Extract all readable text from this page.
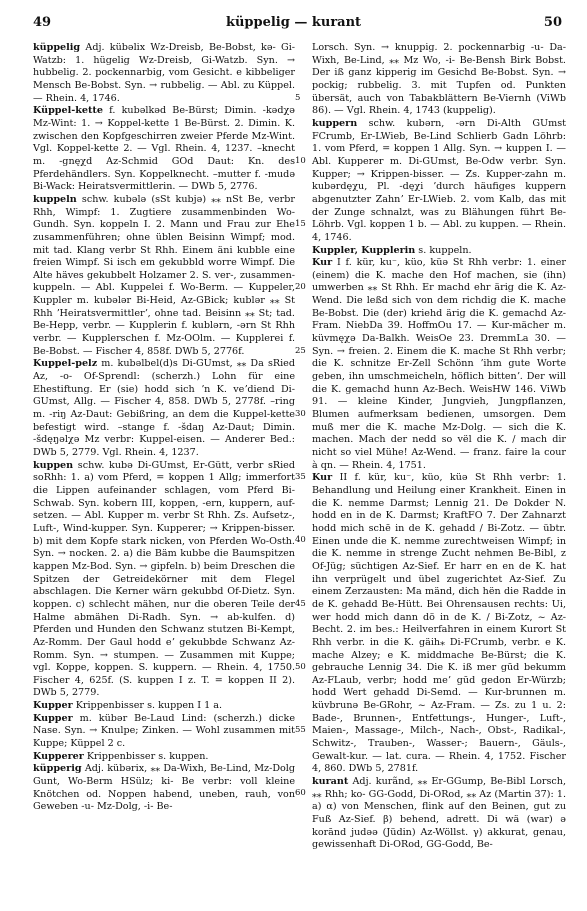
49	küppelig — kurant	50

küppelig Adj. kübəlix Wz-Dreisb, Be-Bobst, kə- Gi-Watzb: 1. hügelig Wz-Dreisb, Gi-Watzb. Syn. → hubbelig. 2. pockennarbig, vom Gesicht. e kibbeliger Mensch Be-Bobst. Syn. → rubbelig. — Abl. zu Küppel. — Rhein. 4, 1746.

Küppel-kette f. kubəlkəd Be-Bürst; Dimin. -kədχə Mz-Wint: 1. → Koppel-kette 1 Be-Bürst. 2. Dimin. K. zwischen den Kopfgeschirren zweier Pferde Mz-Wint. Vgl. Koppel-kette 2. — Vgl. Rhein. 4, 1237. –knecht m. -gnęχd Az-Schmid GOd Daut: Kn. des Pferdehändlers. Syn. Koppelknecht. –mutter f. -mudə Bi-Wack: Heiratsvermittlerin. — DWb 5, 2776.

kuppeln schw. kubələ (sSt kubjə) ⁎⁎ nSt Be, verbr Rhh, Wimpf: 1. Zugtiere zusammenbinden Wo-Gundh. Syn. koppeln I. 2. Mann und Frau zur Ehe zusammenführen; ohne üblen Beisinn Wimpf; mod. mit tad. Klang verbr St Rhh. Einem äni kubble eine freien Wimpf. Si isch em gekubbld worre Wimpf. Die Alte häves gekubbelt Holzamer 2. S. ver-, zusammen-kuppeln. — Abl. Kuppelei f. Wo-Berm. — Kuppeler, Kuppler m. kubələr Bi-Heid, Az-GBick; kublər ⁎⁎ St Rhh ʼHeiratsvermittlerʼ, ohne tad. Beisinn ⁎⁎ St; tad. Be-Hepp, verbr. — Kupplerin f. kublərn, -ərn St Rhh verbr. — Kupplerschen f. Mz-OOlm. — Kupplerei f. Be-Bobst. — Fischer 4, 858f. DWb 5, 2776f.

Kuppel-pelz m. kubəlbel(d)s Di-GUmst, ⁎⁎ Da sRied Az, -o- Of-Sprendl: (scherzh.) Lohn für eine Ehestiftung. Er (sie) hodd sich ʼn K. veʼdiend Di-GUmst, Allg. — Fischer 4, 858. DWb 5, 2778f. –ring m. -riŋ Az-Daut: Gebißring, an dem die Kuppel-kette befestigt wird. –stange f. -šdaŋ Az-Daut; Dimin. -šdęŋəlχə Mz verbr: Kuppel-eisen. — Anderer Bed.: DWb 5, 2779. Vgl. Rhein. 4, 1237.

kuppen schw. kubə Di-GUmst, Er-Gütt, verbr sRied soRhh: 1. a) vom Pferd, = koppen 1 Allg; immerfort die Lippen aufeinander schlagen, vom Pferd Bi-Schwab. Syn. kobern III, koppen, -ern, kuppern, auf-setzen. — Abl. Kupper m. verbr St Rhh. Zs. Aufsetz-, Luft-, Wind-kupper. Syn. Kupperer; → Krippen-bisser. b) mit dem Kopfe stark nicken, von Pferden Wo-Osth. Syn. → nocken. 2. a) die Bäm kubbe die Baumspitzen kappen Mz-Bod. Syn. → gipfeln. b) beim Dreschen die Spitzen der Getreidekörner mit dem Flegel abschlagen. Die Kerner wärn gekubbd Of-Dietz. Syn. koppen. c) schlecht mähen, nur die oberen Teile der Halme abmähen Di-Radh. Syn. → ab-kulfen. d) Pferden und Hunden den Schwanz stutzen Bi-Kempt, Az-Romm. Der Gaul hodd eʼ gekubbde Schwanz Az-Romm. Syn. → stumpen. — Zusammen mit Kuppe; vgl. Koppe, koppen. S. kuppern. — Rhein. 4, 1750. Fischer 4, 625f. (S. kuppen I z. T. = koppen II 2). DWb 5, 2779.

Kupper Krippenbisser s. kuppen I 1 a.

Kupper m. kübər Be-Laud Lind: (scherzh.) dicke Nase. Syn. → Knulpe; Zinken. — Wohl zusammen mit Kuppe; Küppel 2 c.

Kupperer Krippenbisser s. kuppen.

küpperig Adj. kübərix, ⁎⁎ Da-Wixh, Be-Lind, Mz-Dolg Gunt, Wo-Berm HSülz; ki- Be verbr: voll kleine Knötchen od. Noppen habend, uneben, rauh, von Geweben -u- Mz-Dolg, -i- Be-

5
10
15
20
25
30
35
40
45
50
55
60

Lorsch. Syn. → knuppig. 2. pockennarbig -u- Da-Wixh, Be-Lind, ⁎⁎ Mz Wo, -i- Be-Bensh Birk Bobst. Der iß ganz kipperig im Gesichd Be-Bobst. Syn. → pockig; rubbelig. 3. mit Tupfen od. Punkten übersät, auch von Tabakblättern Be-Viernh (ViWb 86). — Vgl. Rhein. 4, 1743 (kuppelig).

kuppern schw. kubərn, -ərn Di-Alth GUmst FCrumb, Er-LWieb, Be-Lind Schlierb Gadn Löhrb: 1. vom Pferd, = koppen 1 Allg. Syn. → kuppen I. — Abl. Kupperer m. Di-GUmst, Be-Odw verbr. Syn. Kupper; → Krippen-bisser. — Zs. Kupper-zahn m. kubərdęχu, Pl. -dęχi ʼdurch häufiges kuppern abgenutzter Zahnʼ Er-LWieb. 2. vom Kalb, das mit der Zunge schnalzt, was zu Blähungen führt Be-Löhrb. Vgl. koppen 1 b. — Abl. zu kuppen. — Rhein. 4, 1746.

Kuppler, Kupplerin s. kuppeln.

Kur I f. kür, ku⁻, küo, küə St Rhh verbr: 1. einer (einem) die K. mache den Hof machen, sie (ihn) umwerben ⁎⁎ St Rhh. Er machd ehr ärig die K. Az-Wend. Die leßd sich von dem richdig die K. mache Be-Bobst. Die (der) kriehd ärig die K. gemachd Az-Fram. NiebDa 39. HoffmOu 17. — Kur-mächer m. küvmęχə Da-Balkh. WeisOe 23. DremmLa 30. — Syn. → freien. 2. Einem die K. mache St Rhh verbr; die K. schnitze Er-Zell Schönn ʼihm gute Worte geben, ihn umschmeicheln, höflich bittenʼ. Der will die K. gemachd hunn Az-Bech. WeisHW 146. ViWb 91. — kleine Kinder, Jungvieh, Jungpflanzen, Blumen aufmerksam bedienen, umsorgen. Dem muß mer die K. mache Mz-Dolg. — sich die K. machen. Mach der nedd so vël die K. / mach dir nicht so viel Mühe! Az-Wend. — franz. faire la cour à qn. — Rhein. 4, 1751.

Kur II f. kür, ku⁻, küo, küə St Rhh verbr: 1. Behandlung und Heilung einer Krankheit. Einen in die K. nemme Darmst; Lennig 21. De Dokder N. hodd en in de K. Darmst; KraftFO 7. Der Zahnarzt hodd mich schē in de K. gehadd / Bi-Zotz. — übtr. Einen unde die K. nemme zurechtweisen Wimpf; in die K. nemme in strenge Zucht nehmen Be-Bibl, z Of-Jüg; süchtigen Az-Sief. Er harr en en de K. hat ihn verprügelt und übel zugerichtet Az-Sief. Zu einem Zerzausten: Ma mänd, dich hën die Radde in de K. gehadd Be-Hütt. Bei Ohrensausen rechts: Ui, wer hodd mich dann dö in de K. / Bi-Zotz, ~ Az-Becht. 2. im bes.: Heilverfahren in einem Kurort St Rhh verbr. in die K. gäih⁎ Di-FCrumb, verbr. e K. mache Alzey; e K. middmache Be-Bürst; die K. gebrauche Lennig 34. Die K. iß mer gūd bekumm Az-FLaub, verbr; hodd meʼ gūd gedon Er-Würzb; hodd Wert gehadd Di-Semd. — Kur-brunnen m. küvbrunə Be-GRohr, ~ Az-Fram. — Zs. zu 1 u. 2: Bade-, Brunnen-, Entfettungs-, Hunger-, Luft-, Maien-, Massage-, Milch-, Nach-, Obst-, Radikal-, Schwitz-, Trauben-, Wasser-; Bauern-, Gäuls-, Gewalt-kur. — lat. cura. — Rhein. 4, 1752. Fischer 4, 860. DWb 5, 2781f.

kurant Adj. kurãnd, ⁎⁎ Er-GGump, Be-Bibl Lorsch, ⁎⁎ Rhh; ko- GG-Godd, Di-ORod, ⁎⁎ Az (Martin 37): 1. a) α) von Menschen, flink auf den Beinen, gut zu Fuß Az-Sief. β) behend, adrett. Di wä (war) ə korānd judəə (Jüdin) Az-Wöllst. γ) akkurat, genau, gewissenhaft Di-ORod, GG-Godd, Be-
